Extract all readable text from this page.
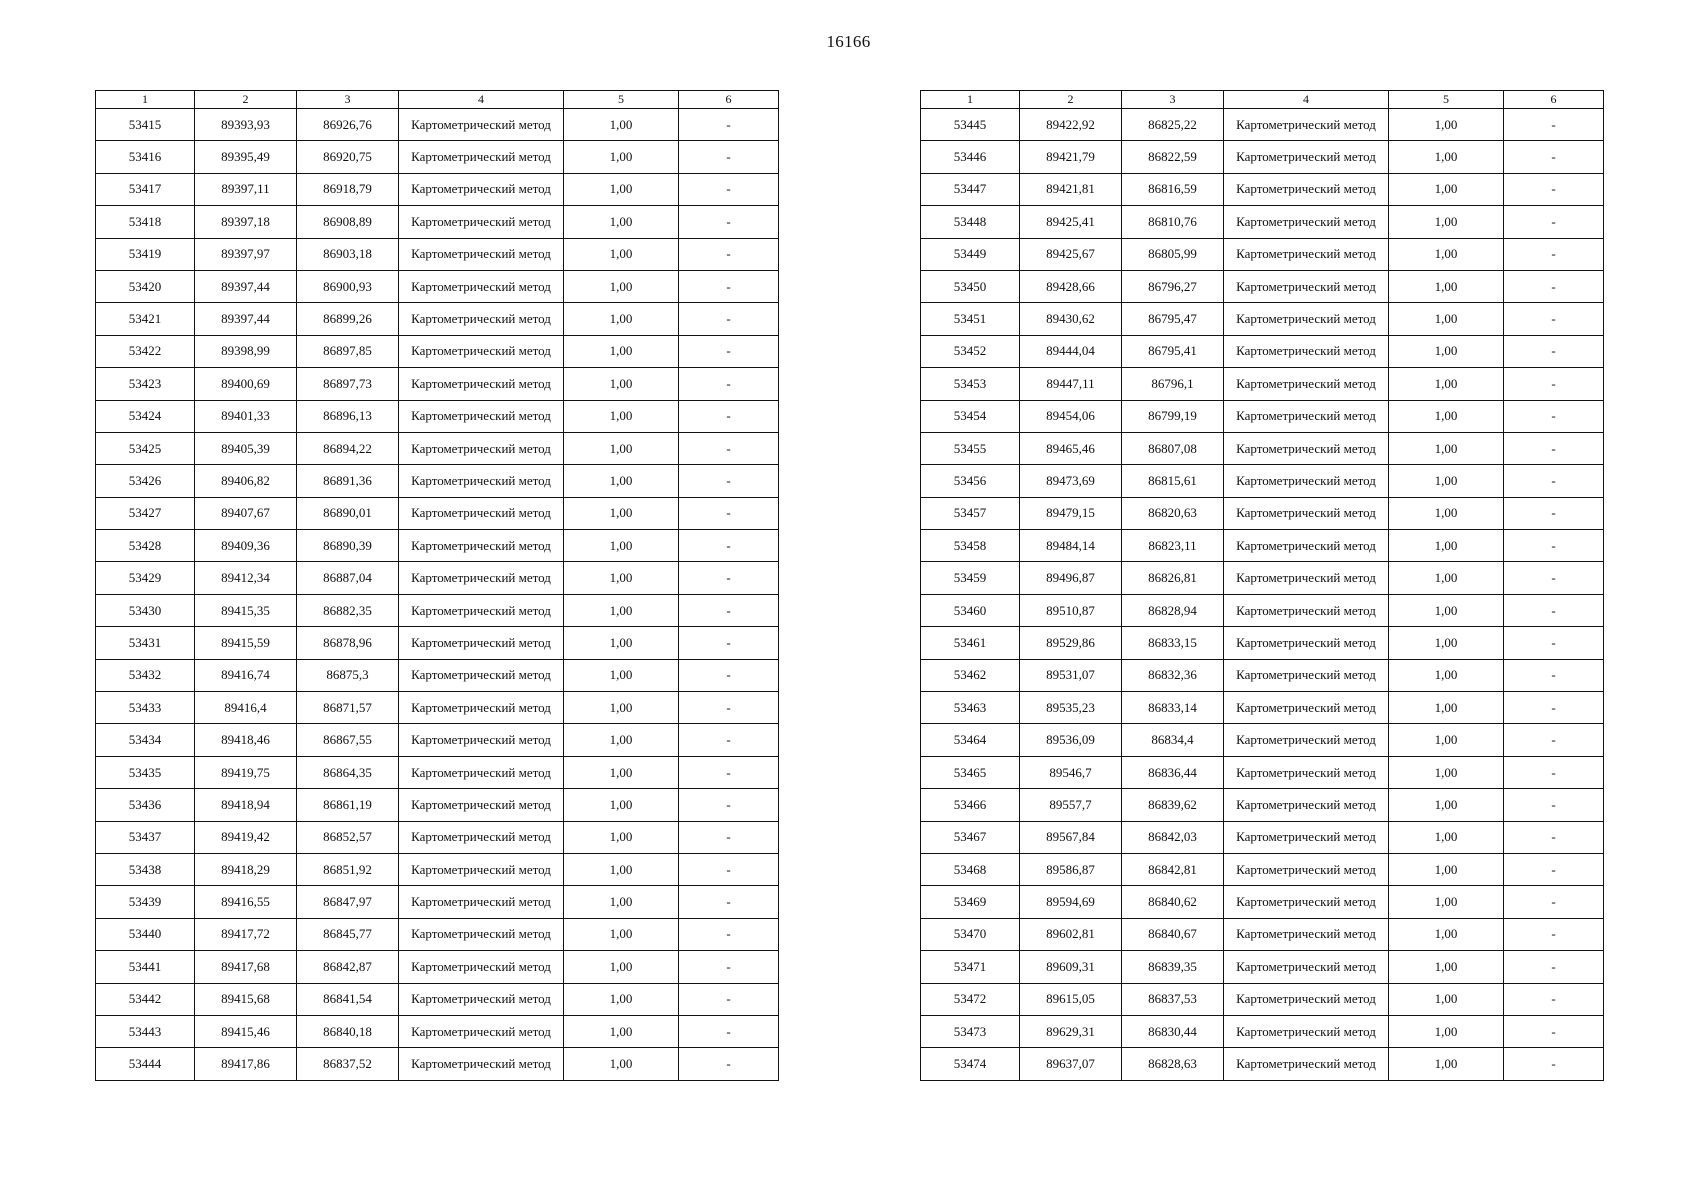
16166
1	2	3	4	5	6
53415	89393,93	86926,76	Картометрический метод	1,00	-
53416	89395,49	86920,75	Картометрический метод	1,00	-
53417	89397,11	86918,79	Картометрический метод	1,00	-
53418	89397,18	86908,89	Картометрический метод	1,00	-
53419	89397,97	86903,18	Картометрический метод	1,00	-
53420	89397,44	86900,93	Картометрический метод	1,00	-
53421	89397,44	86899,26	Картометрический метод	1,00	-
53422	89398,99	86897,85	Картометрический метод	1,00	-
53423	89400,69	86897,73	Картометрический метод	1,00	-
53424	89401,33	86896,13	Картометрический метод	1,00	-
53425	89405,39	86894,22	Картометрический метод	1,00	-
53426	89406,82	86891,36	Картометрический метод	1,00	-
53427	89407,67	86890,01	Картометрический метод	1,00	-
53428	89409,36	86890,39	Картометрический метод	1,00	-
53429	89412,34	86887,04	Картометрический метод	1,00	-
53430	89415,35	86882,35	Картометрический метод	1,00	-
53431	89415,59	86878,96	Картометрический метод	1,00	-
53432	89416,74	86875,3	Картометрический метод	1,00	-
53433	89416,4	86871,57	Картометрический метод	1,00	-
53434	89418,46	86867,55	Картометрический метод	1,00	-
53435	89419,75	86864,35	Картометрический метод	1,00	-
53436	89418,94	86861,19	Картометрический метод	1,00	-
53437	89419,42	86852,57	Картометрический метод	1,00	-
53438	89418,29	86851,92	Картометрический метод	1,00	-
53439	89416,55	86847,97	Картометрический метод	1,00	-
53440	89417,72	86845,77	Картометрический метод	1,00	-
53441	89417,68	86842,87	Картометрический метод	1,00	-
53442	89415,68	86841,54	Картометрический метод	1,00	-
53443	89415,46	86840,18	Картометрический метод	1,00	-
53444	89417,86	86837,52	Картометрический метод	1,00	-
1	2	3	4	5	6
53445	89422,92	86825,22	Картометрический метод	1,00	-
53446	89421,79	86822,59	Картометрический метод	1,00	-
53447	89421,81	86816,59	Картометрический метод	1,00	-
53448	89425,41	86810,76	Картометрический метод	1,00	-
53449	89425,67	86805,99	Картометрический метод	1,00	-
53450	89428,66	86796,27	Картометрический метод	1,00	-
53451	89430,62	86795,47	Картометрический метод	1,00	-
53452	89444,04	86795,41	Картометрический метод	1,00	-
53453	89447,11	86796,1	Картометрический метод	1,00	-
53454	89454,06	86799,19	Картометрический метод	1,00	-
53455	89465,46	86807,08	Картометрический метод	1,00	-
53456	89473,69	86815,61	Картометрический метод	1,00	-
53457	89479,15	86820,63	Картометрический метод	1,00	-
53458	89484,14	86823,11	Картометрический метод	1,00	-
53459	89496,87	86826,81	Картометрический метод	1,00	-
53460	89510,87	86828,94	Картометрический метод	1,00	-
53461	89529,86	86833,15	Картометрический метод	1,00	-
53462	89531,07	86832,36	Картометрический метод	1,00	-
53463	89535,23	86833,14	Картометрический метод	1,00	-
53464	89536,09	86834,4	Картометрический метод	1,00	-
53465	89546,7	86836,44	Картометрический метод	1,00	-
53466	89557,7	86839,62	Картометрический метод	1,00	-
53467	89567,84	86842,03	Картометрический метод	1,00	-
53468	89586,87	86842,81	Картометрический метод	1,00	-
53469	89594,69	86840,62	Картометрический метод	1,00	-
53470	89602,81	86840,67	Картометрический метод	1,00	-
53471	89609,31	86839,35	Картометрический метод	1,00	-
53472	89615,05	86837,53	Картометрический метод	1,00	-
53473	89629,31	86830,44	Картометрический метод	1,00	-
53474	89637,07	86828,63	Картометрический метод	1,00	-
